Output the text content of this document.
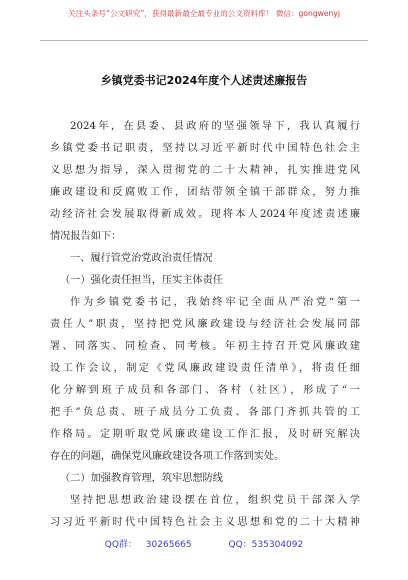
关注头条号“公文研究”，获得最新最全最专业的公文资料库！ 微信：gongwenyj
乡镇党委书记2024年度个人述责述廉报告
2024年，在县委、县政府的坚强领导下，我认真履行
乡镇党委书记职责，坚持以习近平新时代中国特色社会主
义思想为指导，深入贯彻党的二十大精神，扎实推进党风
廉政建设和反腐败工作，团结带领全镇干部群众，努力推
动经济社会发展取得新成效。现将本人2024年度述责述廉
情况报告如下：
一、履行管党治党政治责任情况
（一）强化责任担当，压实主体责任
作为乡镇党委书记，我始终牢记全面从严治党“第一
责任人”职责，坚持把党风廉政建设与经济社会发展同部
署、同落实、同检查、同考核。年初主持召开党风廉政建
设工作会议，制定《党风廉政建设责任清单》，将责任细
化分解到班子成员和各部门、各村（社区），形成了“一
把手”负总责、班子成员分工负责、各部门齐抓共管的工
作格局。定期听取党风廉政建设工作汇报，及时研究解决
存在的问题，确保党风廉政建设各项工作落到实处。
（二）加强教育管理，筑牢思想防线
坚持把思想政治建设摆在首位，组织党员干部深入学
习习近平新时代中国特色社会主义思想和党的二十大精神
QQ群： 30265665	QQ：535304092
